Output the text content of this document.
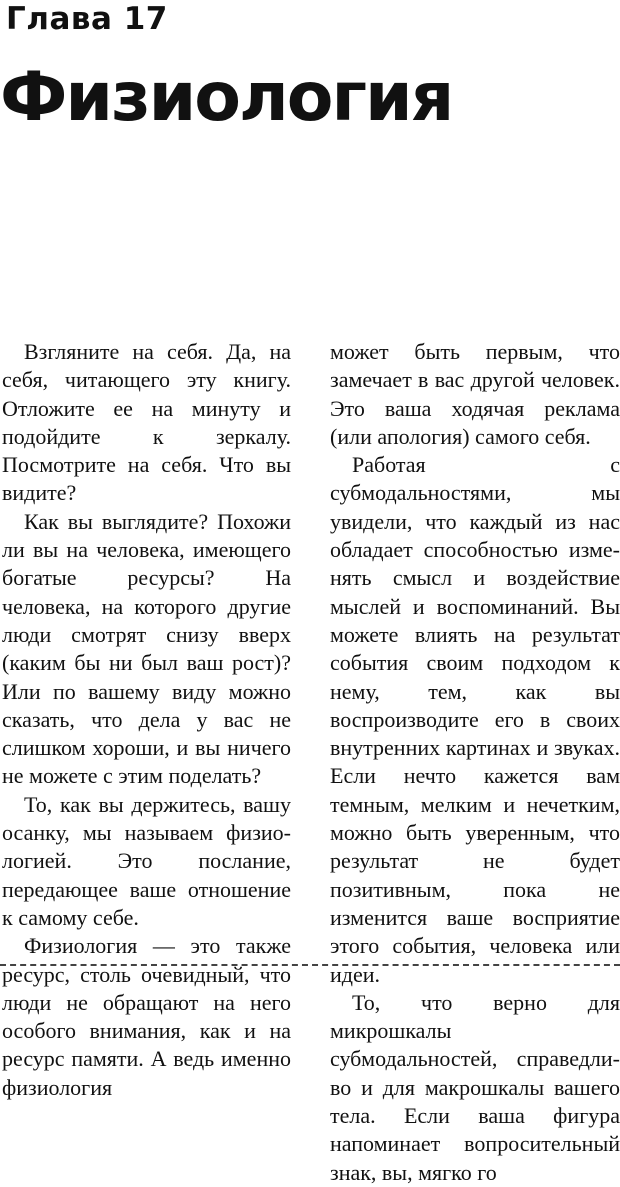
Глава 17
Физиология

Взгляните на себя. Да, на себя, читающего эту книгу. Отложите ее на минуту и подойдите к зеркалу. Посмотрите на себя. Что вы видите?

Как вы выглядите? Похожи ли вы на человека, имеющего богатые ресурсы? На человека, на которого другие люди смотрят снизу вверх (каким бы ни был ваш рост)? Или по вашему виду можно сказать, что дела у вас не слишком хороши, и вы ничего не можете с этим поделать?

То, как вы держитесь, вашу осанку, мы называем физиологией. Это послание, передающее ваше отношение к самому себе.

Физиология — это также ресурс, столь очевидный, что люди не обращают на него особого внимания, как и на ресурс памяти. А ведь именно физиология

может быть первым, что замечает в вас другой человек. Это ваша ходячая реклама (или апология) самого себя.

Работая с субмодальностями, мы увидели, что каждый из нас обладает способностью изменять смысл и воздействие мыслей и воспоминаний. Вы можете влиять на результат события своим подходом к нему, тем, как вы воспроизводите его в своих внутренних картинах и звуках. Если нечто кажется вам темным, мелким и нечетким, можно быть уверенным, что результат не будет позитивным, пока не изменится ваше восприятие этого события, человека или идеи.

То, что верно для микрошкалы субмодальностей, справедливо и для макрошкалы вашего тела. Если ваша фигура напоминает вопросительный знак, вы, мягко го
